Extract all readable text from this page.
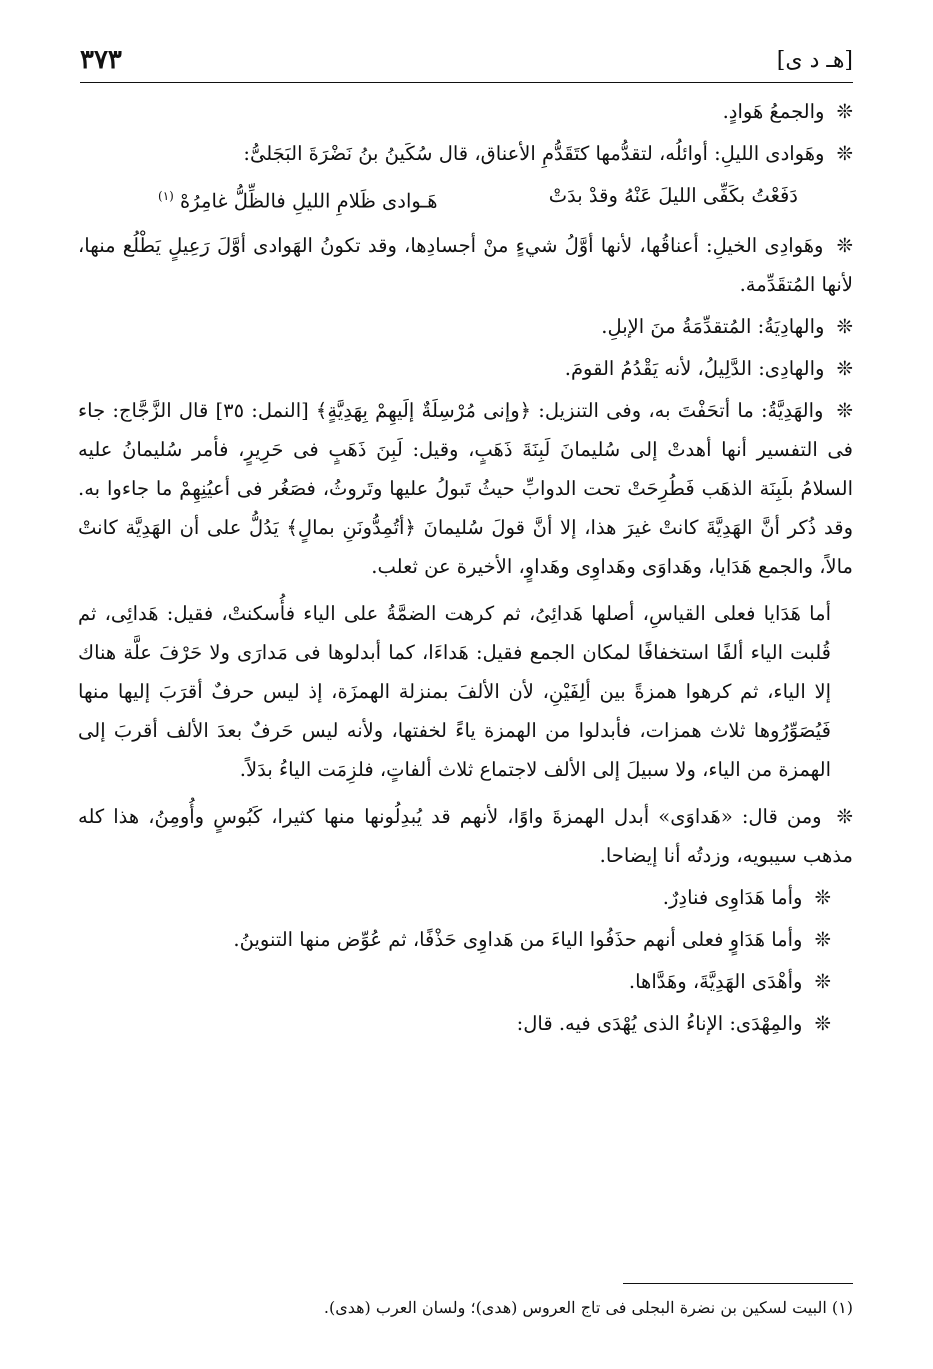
[هـ د ى]
٣٧٣

❊ والجمعُ هَوادٍ.

❊ وهَوادى الليلِ: أوائلُه، لتقدُّمها كتَقَدُّمِ الأعناق، قال سُكَينُ بنُ نَضْرَةَ البَجَلىُّ:

دَفَعْتُ بكَفِّى الليلَ عَنْهُ وقدْ بدَتْ
هَـوادى ظَلامِ الليلِ فالظِّلُّ غامِرُهْ $^{(١)}$

❊ وهَوادِى الخيلِ: أعناقُها، لأنها أوَّلُ شيءٍ منْ أجسادِها، وقد تكونُ الهَوادى أوَّلَ رَعِيلٍ يَطْلُع منها، لأنها المُتقَدِّمة.

❊ والهادِيَةُ: المُتقدِّمَةُ منَ الإبلِ.

❊ والهادِى: الدَّلِيلُ، لأنه يَقْدُمُ القومَ.

❊ والهَدِيَّةُ: ما أتحَفْتَ به، وفى التنزيل: ﴿وإنى مُرْسِلَةٌ إلَيهِمْ بِهَدِيَّةٍ﴾ [النمل: ٣٥] قال الزَّجَّاج: جاء فى التفسير أنها أهدتْ إلى سُليمانَ لَبِنَةَ ذَهَبٍ، وقيل: لَبِنَ ذَهَبٍ فى حَرِيرٍ، فأمر سُليمانُ عليه السلامُ بلَبِنَة الذهَب فَطُرِحَتْ تحت الدوابِّ حيثُ تَبولُ عليها وتَروثُ، فصَغُر فى أعيُنِهِمْ ما جاءوا به. وقد ذُكر أنَّ الهَدِيَّةَ كانتْ غيرَ هذا، إلا أنَّ قولَ سُليمانَ ﴿أتُمِدُّونَنِ بمالٍ﴾ يَدُلُّ على أن الهَدِيَّة كانتْ مالاً، والجمع هَدَايا، وهَداوَى وهَداوِى وهَداوٍ، الأخيرة عن ثعلب.

أما هَدَايا فعلى القياسِ، أصلها هَدائِىُ، ثم كرهت الضمَّةُ على الياء فأُسكنتْ، فقيل: هَدائِى، ثم قُلبت الياء ألفًا استخفافًا لمكان الجمع فقيل: هَداءَا، كما أبدلوها فى مَدارَى ولا حَرْفَ علَّة هناك إلا الياء، ثم كرهوا همزةً بين ألِفَيْنِ، لأن الألفَ بمنزلة الهمزَة، إذ ليس حرفٌ أقرَبَ إليها منها فَيُصَوِّرُوها ثلاث همزات، فأبدلوا من الهمزة ياءً لخفتها، ولأنه ليس حَرفٌ بعدَ الألف أقربَ إلى الهمزة من الياء، ولا سبيلَ إلى الألف لاجتماع ثلاث ألفاتٍ، فلزِمَت الياءُ بدَلاً.

❊ ومن قال: «هَداوَى» أبدل الهمزةَ واوًا، لأنهم قد يُبدِلُونها منها كثيرا، كَبُوسٍ وأُومِنُ، هذا كله مذهب سيبويه، وزدتُه أنا إيضاحا.

❊ وأما هَدَاوِى فنادِرٌ.

❊ وأما هَدَاوٍ فعلى أنهم حذَفُوا الياءَ من هَداوِى حَذْفًا، ثم عُوِّض منها التنوينُ.

❊ وأهْدَى الهَدِيَّةَ، وهَدَّاها.

❊ والمِهْدَى: الإناءُ الذى يُهْدَى فيه. قال:

(١) البيت لسكين بن نضرة البجلى فى تاج العروس (هدى)؛ ولسان العرب (هدى).
